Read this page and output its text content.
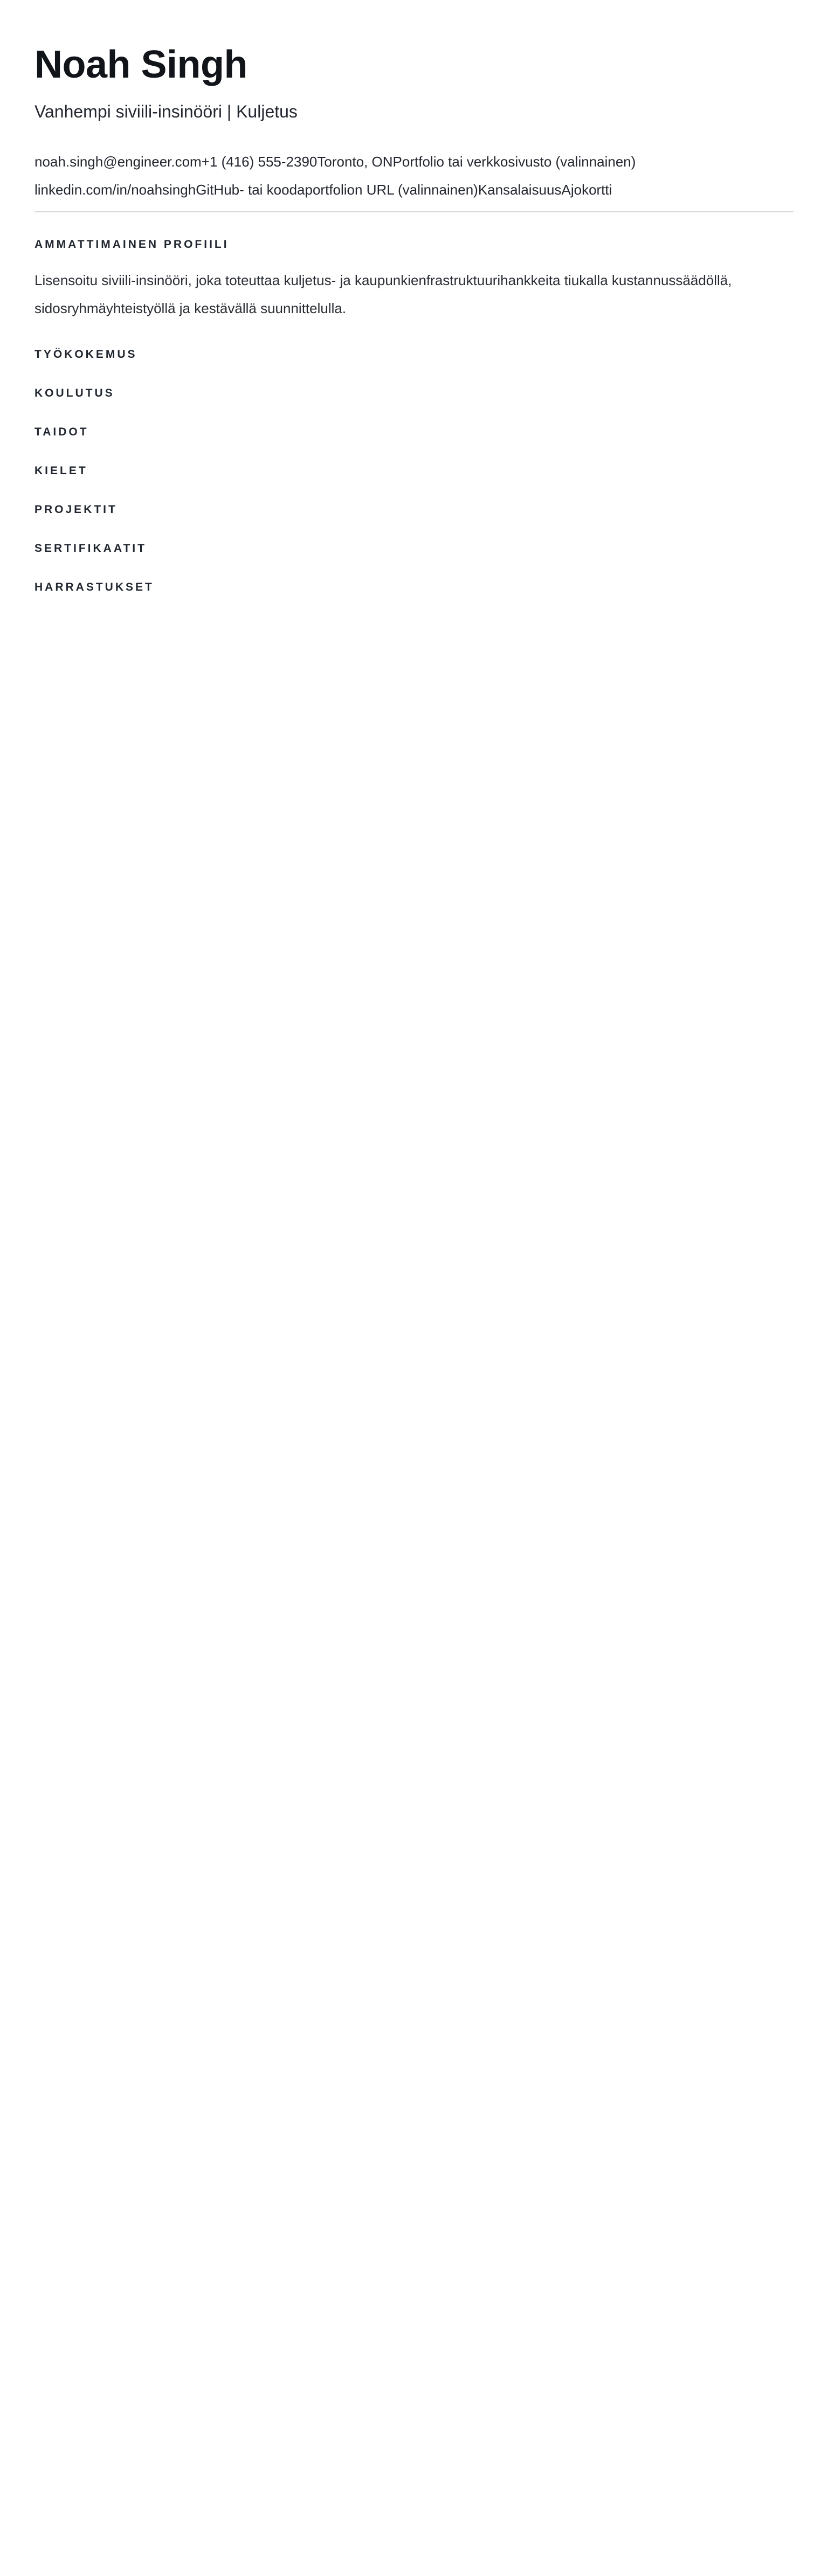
Noah Singh

Vanhempi siviili-insinööri | Kuljetus

noah.singh@engineer.com+1 (416) 555-2390Toronto, ONPortfolio tai verkkosivusto (valinnainen)

linkedin.com/in/noahsinghGitHub- tai koodaportfolion URL (valinnainen)KansalaisuusAjokortti

AMMATTIMAINEN PROFIILI

Lisensoitu siviili-insinööri, joka toteuttaa kuljetus- ja kaupunkienfrastruktuurihankkeita tiukalla kustannussäädöllä, sidosryhmäyhteistyöllä ja kestävällä suunnittelulla.

TYÖKOKEMUS
KOULUTUS
TAIDOT
KIELET
PROJEKTIT
SERTIFIKAATIT
HARRASTUKSET
